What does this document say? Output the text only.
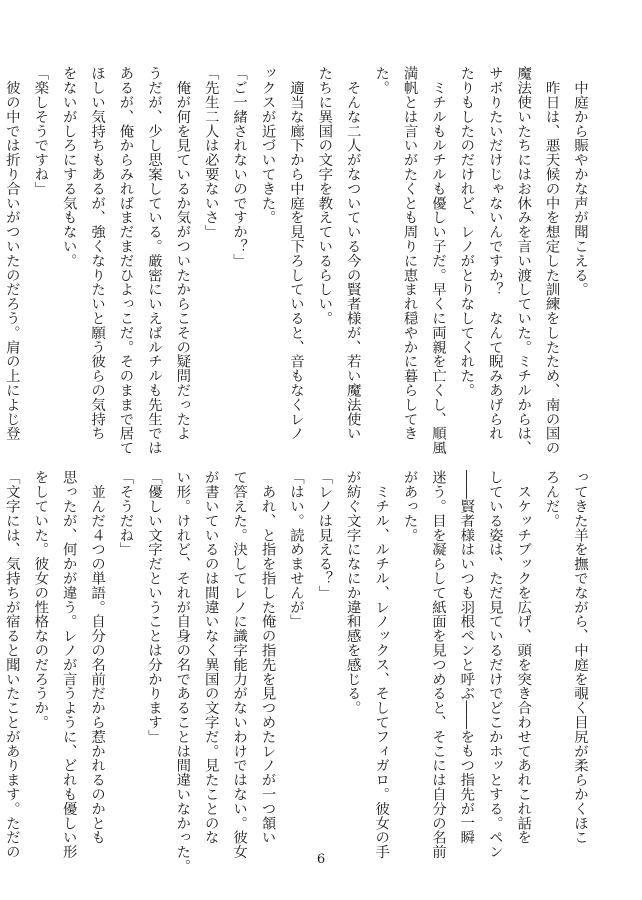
　中庭から賑やかな声が聞こえる。
　昨日は、悪天候の中を想定した訓練をしたため、南の国の
魔法使いたちにはお休みを言い渡していた。ミチルからは、
サボりたいだけじゃないんですか？　なんて睨みあげられ
たりもしたのだけれど、レノがとりなしてくれた。
　ミチルもルチルも優しい子だ。早くに両親を亡くし、順風
満帆とは言いがたくとも周りに恵まれ穏やかに暮らしてき
た。
　そんな二人がなついている今の賢者様が、若い魔法使い
たちに異国の文字を教えているらしい。
　適当な廊下から中庭を見下ろしていると、音もなくレノ
ックスが近づいてきた。
「ご一緒されないのですか？」
「先生二人は必要ないさ」
　俺が何を見ているか気がついたからこその疑問だったよ
うだが、少し思案している。厳密にいえばルチルも先生では
あるが、俺からみればまだまだひよっこだ。そのままで居て
ほしい気持ちもあるが、強くなりたいと願う彼らの気持ち
をないがしろにする気もない。
「楽しそうですね」
　彼の中では折り合いがついたのだろう。肩の上によじ登
ってきた羊を撫でながら、中庭を覗く目尻が柔らかくほこ
ろんだ。
　スケッチブックを広げ、頭を突き合わせてあれこれ話を
している姿は、ただ見ているだけでどこかホッとする。ペン
――賢者様はいつも羽根ペンと呼ぶ――をもつ指先が一瞬
迷う。目を凝らして紙面を見つめると、そこには自分の名前
があった。
　ミチル、ルチル、レノックス、そしてフィガロ。彼女の手
が紡ぐ文字になにか違和感を感じる。
「レノは見える？」
「はい。読めませんが」
　あれ、と指を指した俺の指先を見つめたレノが一つ頷い
て答えた。決してレノに識字能力がないわけではない。彼女
が書いているのは間違いなく異国の文字だ。見たことのな
い形。けれど、それが自身の名であることは間違いなかった。
「優しい文字だということは分かります」
「そうだね」
　並んだ４つの単語。自分の名前だから惹かれるのかとも
思ったが、何かが違う。レノが言うように、どれも優しい形
をしていた。彼女の性格なのだろうか。
「文字には、気持ちが宿ると聞いたことがあります。ただの
6
